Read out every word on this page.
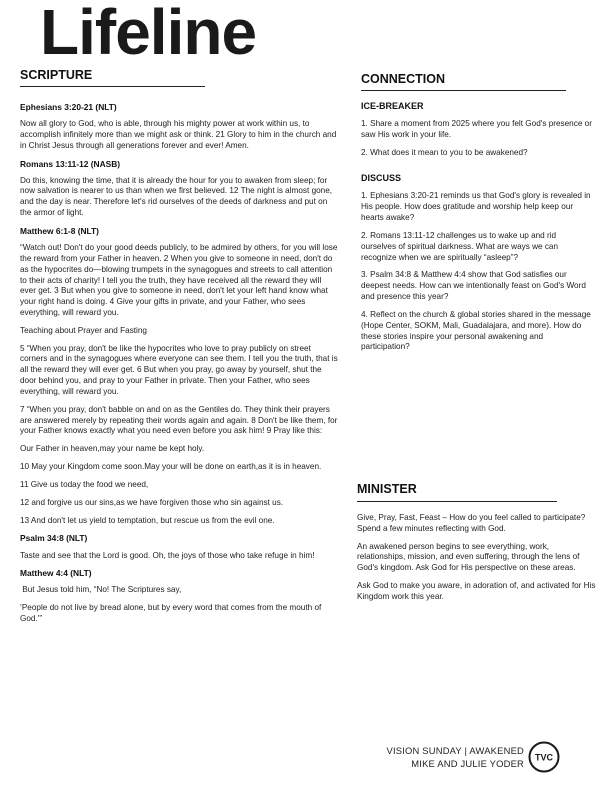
Lifeline

SCRIPTURE

Ephesians 3:20-21 (NLT)

Now all glory to God, who is able, through his mighty power at work within us, to accomplish infinitely more than we might ask or think. 21 Glory to him in the church and in Christ Jesus through all generations forever and ever! Amen.

Romans 13:11-12 (NASB)

Do this, knowing the time, that it is already the hour for you to awaken from sleep; for now salvation is nearer to us than when we first believed. 12 The night is almost gone, and the day is near. Therefore let's rid ourselves of the deeds of darkness and put on the armor of light.

Matthew 6:1-8 (NLT)

“Watch out! Don't do your good deeds publicly, to be admired by others, for you will lose the reward from your Father in heaven. 2 When you give to someone in need, don't do as the hypocrites do—blowing trumpets in the synagogues and streets to call attention to their acts of charity! I tell you the truth, they have received all the reward they will ever get. 3 But when you give to someone in need, don't let your left hand know what your right hand is doing. 4 Give your gifts in private, and your Father, who sees everything, will reward you.

Teaching about Prayer and Fasting

5 “When you pray, don't be like the hypocrites who love to pray publicly on street corners and in the synagogues where everyone can see them. I tell you the truth, that is all the reward they will ever get. 6 But when you pray, go away by yourself, shut the door behind you, and pray to your Father in private. Then your Father, who sees everything, will reward you.

7 “When you pray, don't babble on and on as the Gentiles do. They think their prayers are answered merely by repeating their words again and again. 8 Don't be like them, for your Father knows exactly what you need even before you ask him! 9 Pray like this:

Our Father in heaven,may your name be kept holy.

10 May your Kingdom come soon.May your will be done on earth,as it is in heaven.

11 Give us today the food we need,

12 and forgive us our sins,as we have forgiven those who sin against us.

13 And don't let us yield to temptation, but rescue us from the evil one.

Psalm 34:8 (NLT)

Taste and see that the Lord is good. Oh, the joys of those who take refuge in him!

Matthew 4:4 (NLT)

But Jesus told him, “No! The Scriptures say,

‘People do not live by bread alone, but by every word that comes from the mouth of God.'”

CONNECTION

ICE-BREAKER

1. Share a moment from 2025 where you felt God's presence or saw His work in your life.

2. What does it mean to you to be awakened?

DISCUSS

1. Ephesians 3:20-21 reminds us that God's glory is revealed in His people. How does gratitude and worship help keep our hearts awake?

2. Romans 13:11-12 challenges us to wake up and rid ourselves of spiritual darkness. What are ways we can recognize when we are spiritually “asleep”?

3. Psalm 34:8 & Matthew 4:4 show that God satisfies our deepest needs. How can we intentionally feast on God's Word and presence this year?

4. Reflect on the church & global stories shared in the message (Hope Center, SOKM, Mali, Guadalajara, and more). How do these stories inspire your personal awakening and participation?

MINISTER

Give, Pray, Fast, Feast – How do you feel called to participate? Spend a few minutes reflecting with God.

An awakened person begins to see everything, work, relationships, mission, and even suffering, through the lens of God's kingdom. Ask God for His perspective on these areas.

Ask God to make you aware, in adoration of, and activated for His Kingdom work this year.

VISION SUNDAY | AWAKENED
MIKE AND JULIE YODER
TVC
